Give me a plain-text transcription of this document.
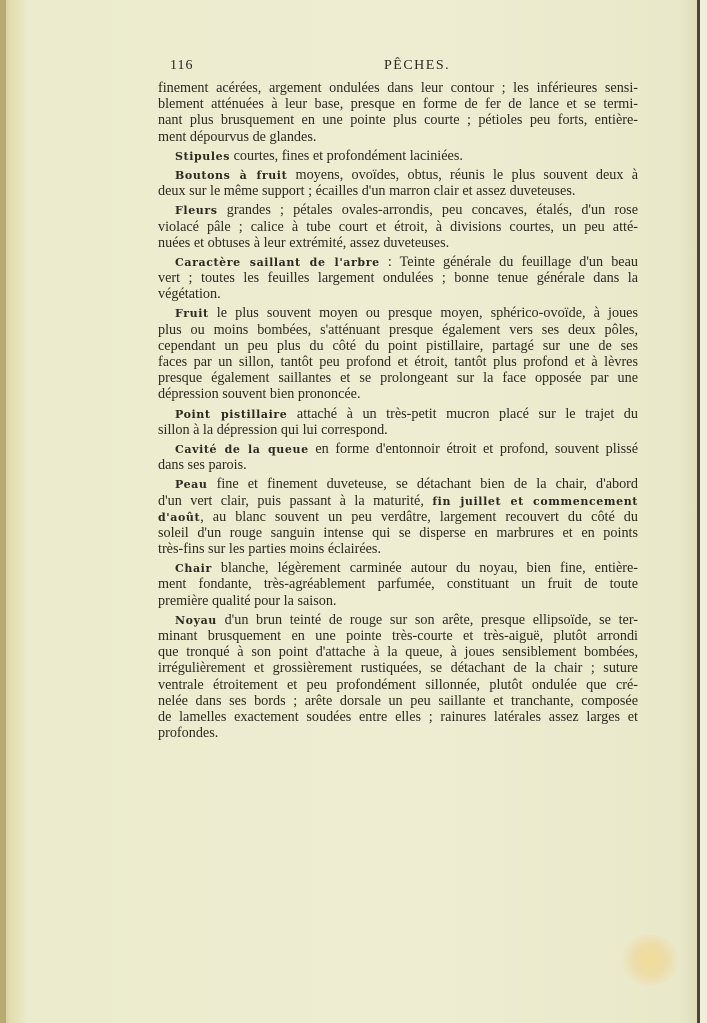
116	PÊCHES.
finement acérées, argement ondulées dans leur contour ; les inférieures sensi-
blement atténuées à leur base, presque en forme de fer de lance et se termi-
nant plus brusquement en une pointe plus courte ; pétioles peu forts, entière-
ment dépourvus de glandes.
Stipules courtes, fines et profondément laciniées.
Boutons à fruit moyens, ovoïdes, obtus, réunis le plus souvent deux à
deux sur le même support ; écailles d'un marron clair et assez duveteuses.
Fleurs grandes ; pétales ovales-arrondis, peu concaves, étalés, d'un rose
violacé pâle ; calice à tube court et étroit, à divisions courtes, un peu atté-
nuées et obtuses à leur extrémité, assez duveteuses.
Caractère saillant de l'arbre : Teinte générale du feuillage d'un beau
vert ; toutes les feuilles largement ondulées ; bonne tenue générale dans la
végétation.
Fruit le plus souvent moyen ou presque moyen, sphérico-ovoïde, à joues
plus ou moins bombées, s'atténuant presque également vers ses deux pôles,
cependant un peu plus du côté du point pistillaire, partagé sur une de ses
faces par un sillon, tantôt peu profond et étroit, tantôt plus profond et à lèvres
presque également saillantes et se prolongeant sur la face opposée par une
dépression souvent bien prononcée.
Point pistillaire attaché à un très-petit mucron placé sur le trajet du
sillon à la dépression qui lui correspond.
Cavité de la queue en forme d'entonnoir étroit et profond, souvent plissé
dans ses parois.
Peau fine et finement duveteuse, se détachant bien de la chair, d'abord
d'un vert clair, puis passant à la maturité, fin juillet et commencement
d'août, au blanc souvent un peu verdâtre, largement recouvert du côté du
soleil d'un rouge sanguin intense qui se disperse en marbrures et en points
très-fins sur les parties moins éclairées.
Chair blanche, légèrement carminée autour du noyau, bien fine, entière-
ment fondante, très-agréablement parfumée, constituant un fruit de toute
première qualité pour la saison.
Noyau d'un brun teinté de rouge sur son arête, presque ellipsoïde, se ter-
minant brusquement en une pointe très-courte et très-aiguë, plutôt arrondi
que tronqué à son point d'attache à la queue, à joues sensiblement bombées,
irrégulièrement et grossièrement rustiquées, se détachant de la chair ; suture
ventrale étroitement et peu profondément sillonnée, plutôt ondulée que cré-
nelée dans ses bords ; arête dorsale un peu saillante et tranchante, composée
de lamelles exactement soudées entre elles ; rainures latérales assez larges et
profondes.
